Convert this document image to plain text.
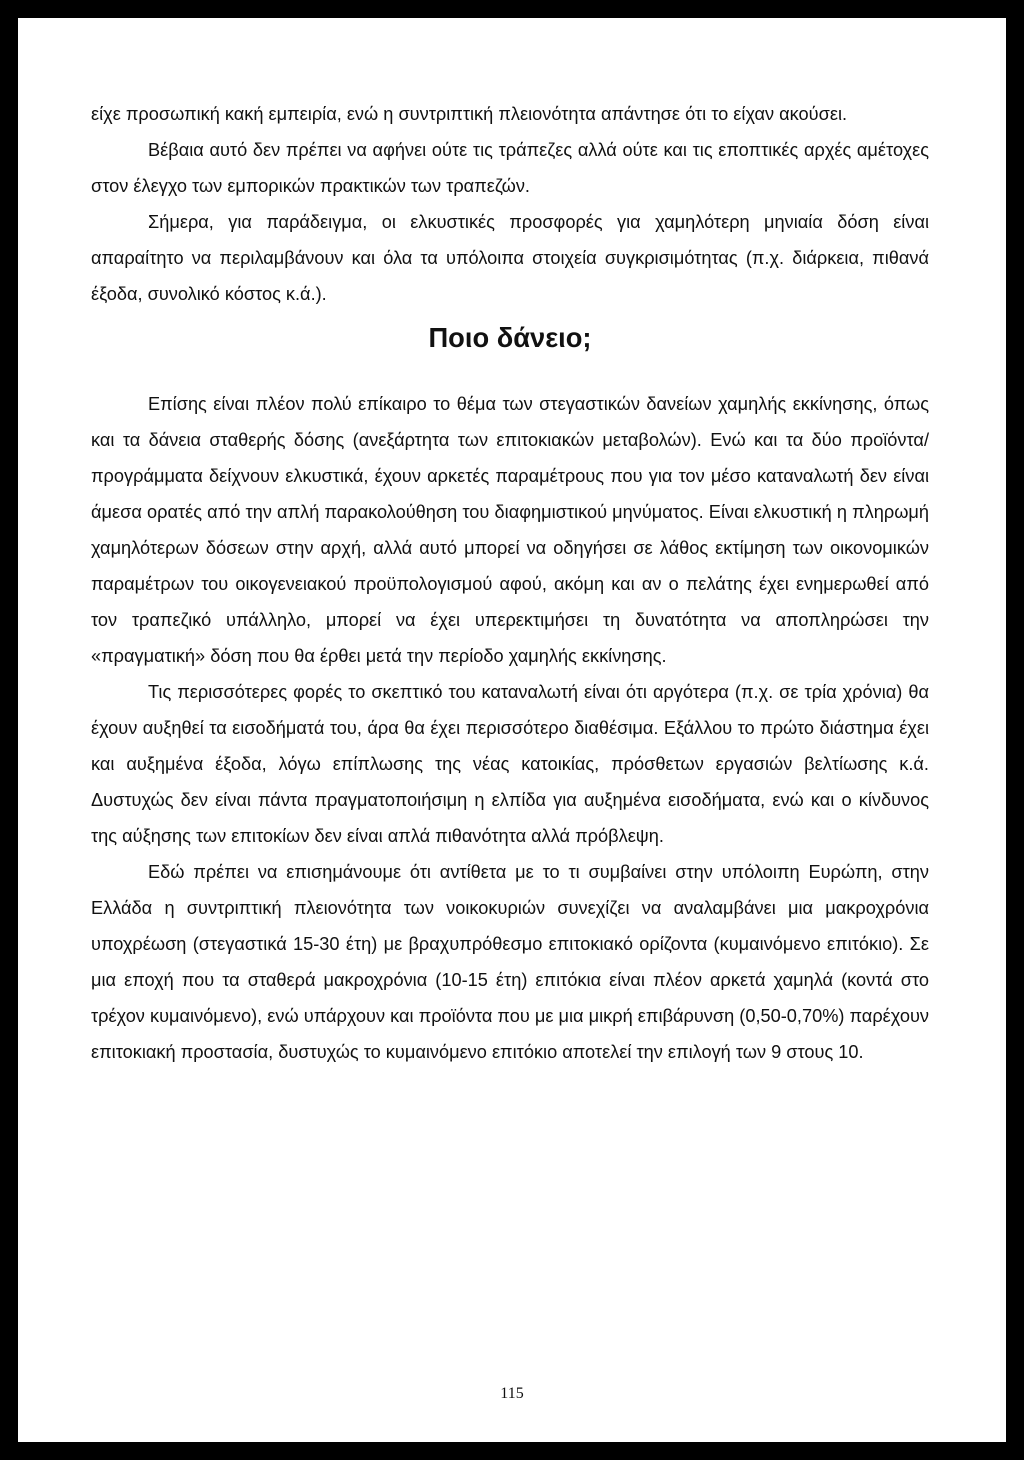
είχε προσωπική κακή εμπειρία, ενώ η συντριπτική πλειονότητα απάντησε ότι το είχαν ακούσει.

Βέβαια αυτό δεν πρέπει να αφήνει ούτε τις τράπεζες αλλά ούτε και τις εποπτικές αρχές αμέτοχες στον έλεγχο των εμπορικών πρακτικών των τραπεζών.

Σήμερα, για παράδειγμα, οι ελκυστικές προσφορές για χαμηλότερη μηνιαία δόση είναι απαραίτητο να περιλαμβάνουν και όλα τα υπόλοιπα στοιχεία συγκρισιμότητας (π.χ. διάρκεια, πιθανά έξοδα, συνολικό κόστος κ.ά.).

Ποιο δάνειο;

Επίσης είναι πλέον πολύ επίκαιρο το θέμα των στεγαστικών δανείων χαμηλής εκκίνησης, όπως και τα δάνεια σταθερής δόσης (ανεξάρτητα των επιτοκιακών μεταβολών). Ενώ και τα δύο προϊόντα/προγράμματα δείχνουν ελκυστικά, έχουν αρκετές παραμέτρους που για τον μέσο καταναλωτή δεν είναι άμεσα ορατές από την απλή παρακολούθηση του διαφημιστικού μηνύματος. Είναι ελκυστική η πληρωμή χαμηλότερων δόσεων στην αρχή, αλλά αυτό μπορεί να οδηγήσει σε λάθος εκτίμηση των οικονομικών παραμέτρων του οικογενειακού προϋπολογισμού αφού, ακόμη και αν ο πελάτης έχει ενημερωθεί από τον τραπεζικό υπάλληλο, μπορεί να έχει υπερεκτιμήσει τη δυνατότητα να αποπληρώσει την «πραγματική» δόση που θα έρθει μετά την περίοδο χαμηλής εκκίνησης.

Τις περισσότερες φορές το σκεπτικό του καταναλωτή είναι ότι αργότερα (π.χ. σε τρία χρόνια) θα έχουν αυξηθεί τα εισοδήματά του, άρα θα έχει περισσότερο διαθέσιμα. Εξάλλου το πρώτο διάστημα έχει και αυξημένα έξοδα, λόγω επίπλωσης της νέας κατοικίας, πρόσθετων εργασιών βελτίωσης κ.ά. Δυστυχώς δεν είναι πάντα πραγματοποιήσιμη η ελπίδα για αυξημένα εισοδήματα, ενώ και ο κίνδυνος της αύξησης των επιτοκίων δεν είναι απλά πιθανότητα αλλά πρόβλεψη.

Εδώ πρέπει να επισημάνουμε ότι αντίθετα με το τι συμβαίνει στην υπόλοιπη Ευρώπη, στην Ελλάδα η συντριπτική πλειονότητα των νοικοκυριών συνεχίζει να αναλαμβάνει μια μακροχρόνια υποχρέωση (στεγαστικά 15-30 έτη) με βραχυπρόθεσμο επιτοκιακό ορίζοντα (κυμαινόμενο επιτόκιο). Σε μια εποχή που τα σταθερά μακροχρόνια (10-15 έτη) επιτόκια είναι πλέον αρκετά χαμηλά (κοντά στο τρέχον κυμαινόμενο), ενώ υπάρχουν και προϊόντα που με μια μικρή επιβάρυνση (0,50-0,70%) παρέχουν επιτοκιακή προστασία, δυστυχώς το κυμαινόμενο επιτόκιο αποτελεί την επιλογή των 9 στους 10.

115
